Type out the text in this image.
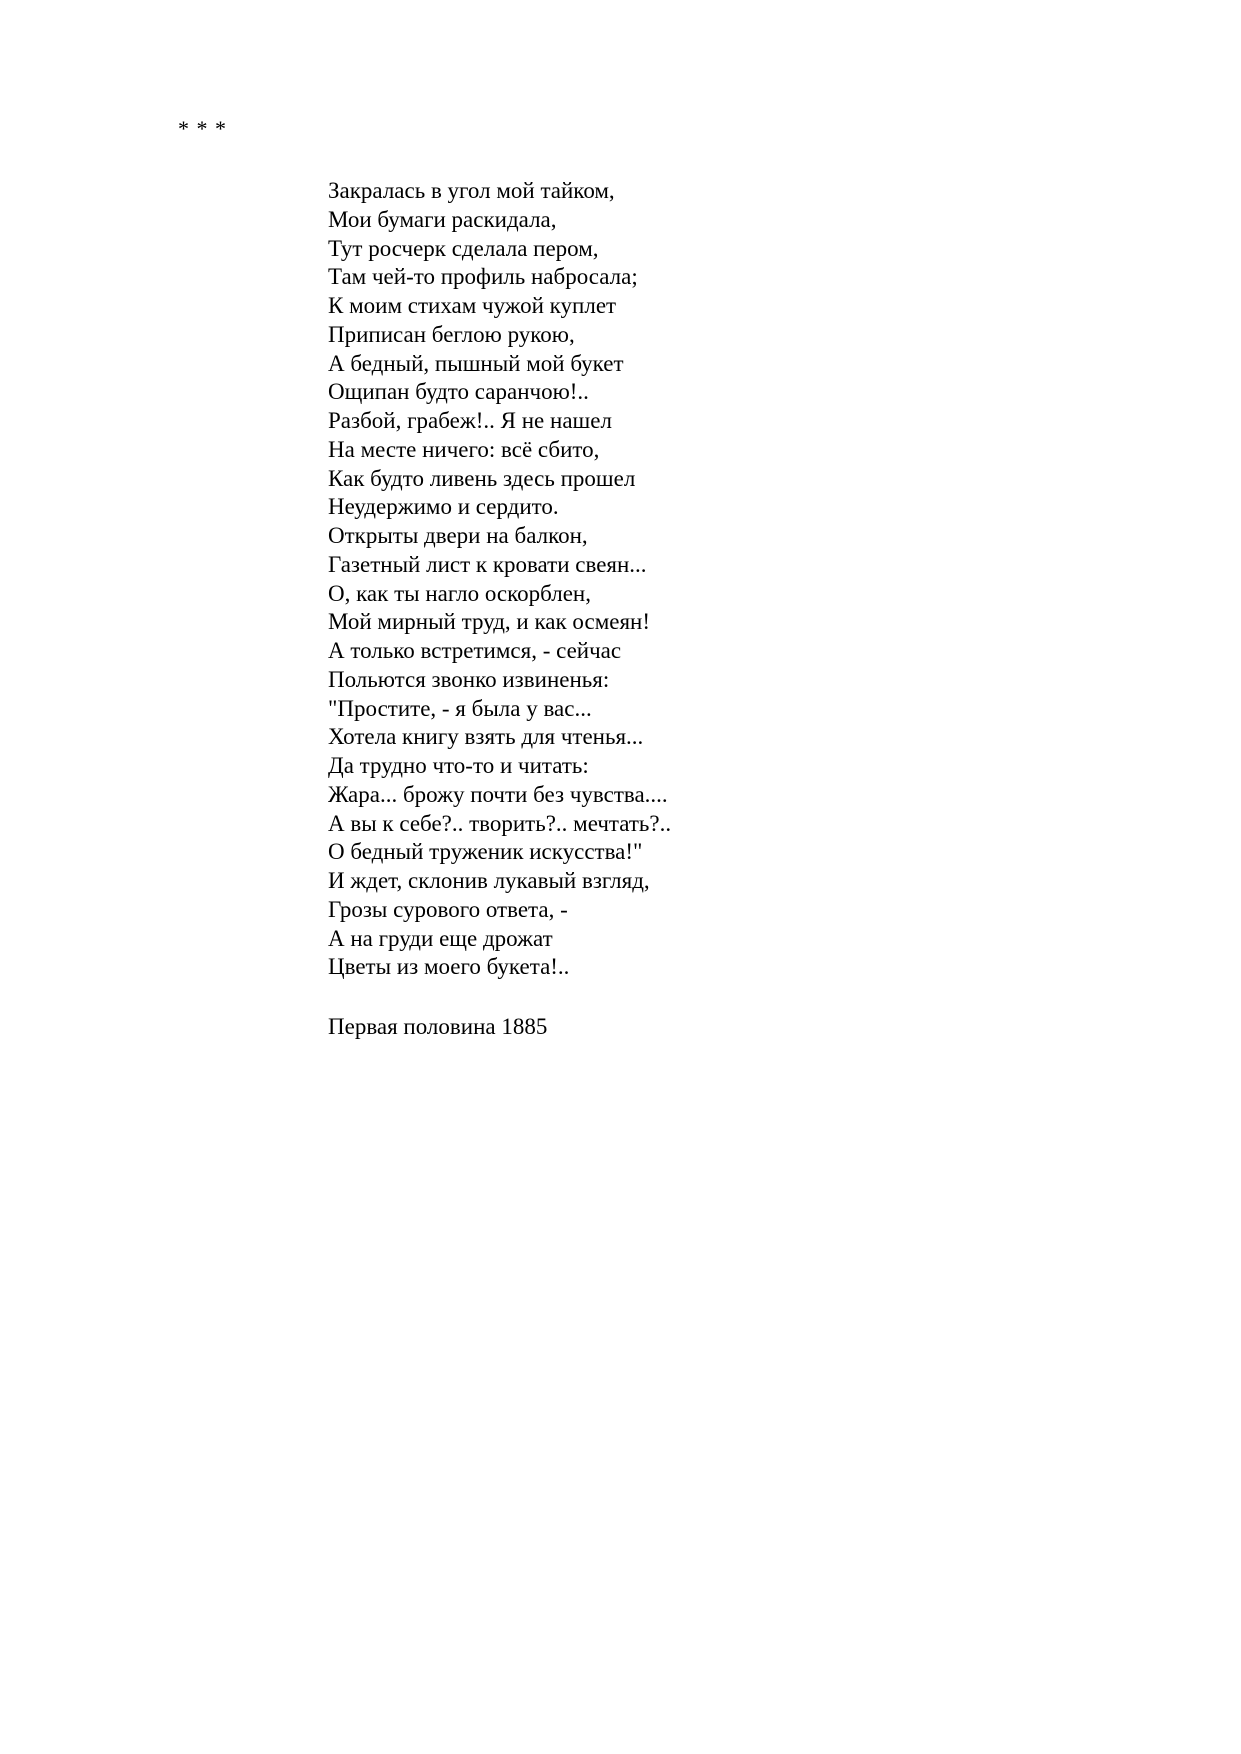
* * *
Закралась в угол мой тайком,
Мои бумаги раскидала,
Тут росчерк сделала пером,
Там чей-то профиль набросала;
К моим стихам чужой куплет
Приписан беглою рукою,
А бедный, пышный мой букет
Ощипан будто саранчою!..
Разбой, грабеж!.. Я не нашел
На месте ничего: всё сбито,
Как будто ливень здесь прошел
Неудержимо и сердито.
Открыты двери на балкон,
Газетный лист к кровати свеян...
О, как ты нагло оскорблен,
Мой мирный труд, и как осмеян!
А только встретимся, - сейчас
Польются звонко извиненья:
"Простите, - я была у вас...
Хотела книгу взять для чтенья...
Да трудно что-то и читать:
Жара... брожу почти без чувства....
А вы к себе?.. творить?.. мечтать?..
О бедный труженик искусства!"
И ждет, склонив лукавый взгляд,
Грозы сурового ответа, -
А на груди еще дрожат
Цветы из моего букета!..
Первая половина 1885
